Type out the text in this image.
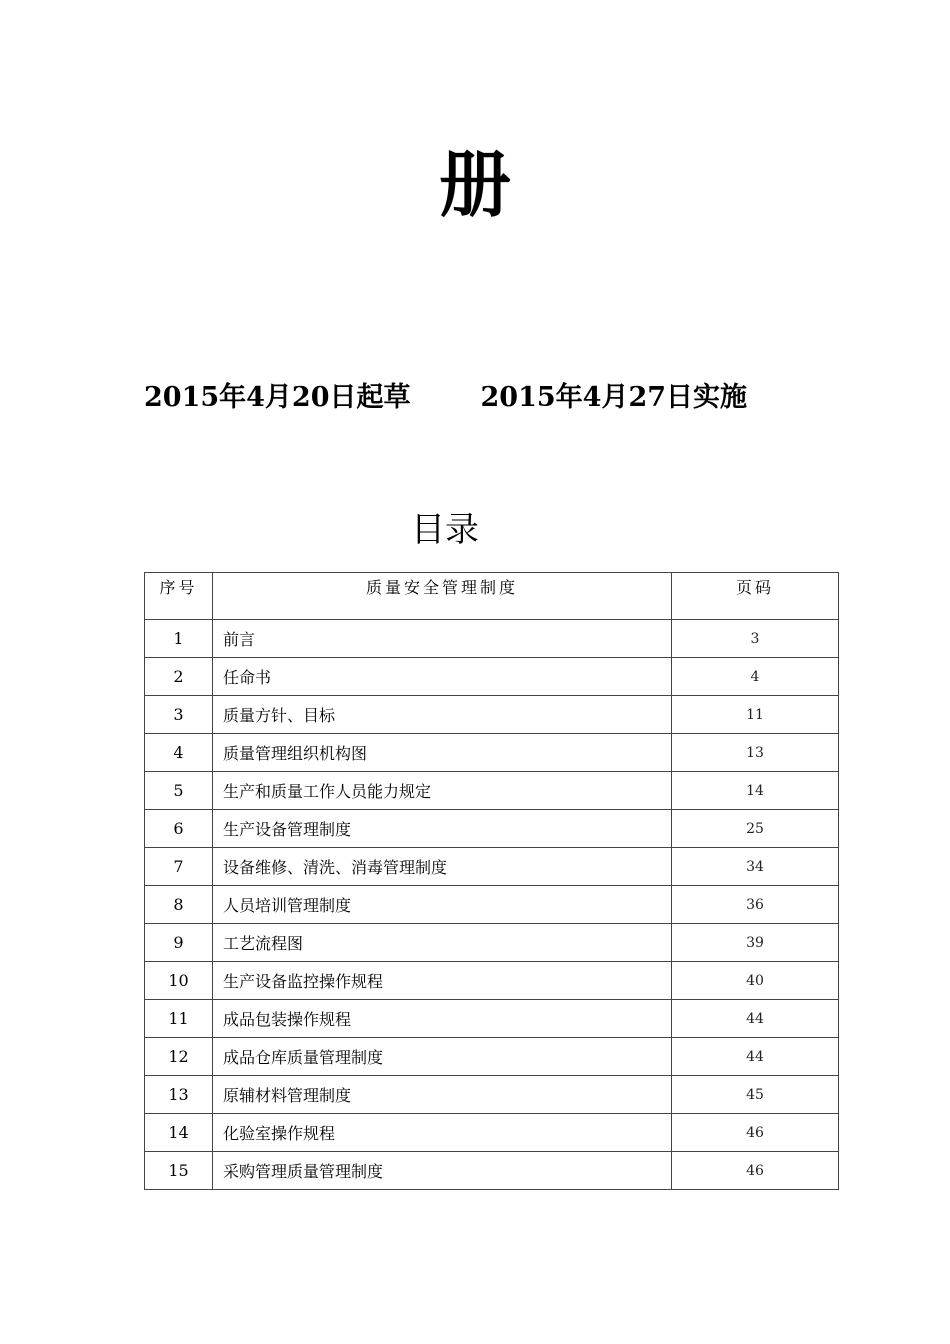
册
2015年4月20日起草	2015年4月27日实施
目录
序号	质量安全管理制度	页码
1	前言	3
2	任命书	4
3	质量方针、目标	11
4	质量管理组织机构图	13
5	生产和质量工作人员能力规定	14
6	生产设备管理制度	25
7	设备维修、清洗、消毒管理制度	34
8	人员培训管理制度	36
9	工艺流程图	39
10	生产设备监控操作规程	40
11	成品包装操作规程	44
12	成品仓库质量管理制度	44
13	原辅材料管理制度	45
14	化验室操作规程	46
15	采购管理质量管理制度	46
